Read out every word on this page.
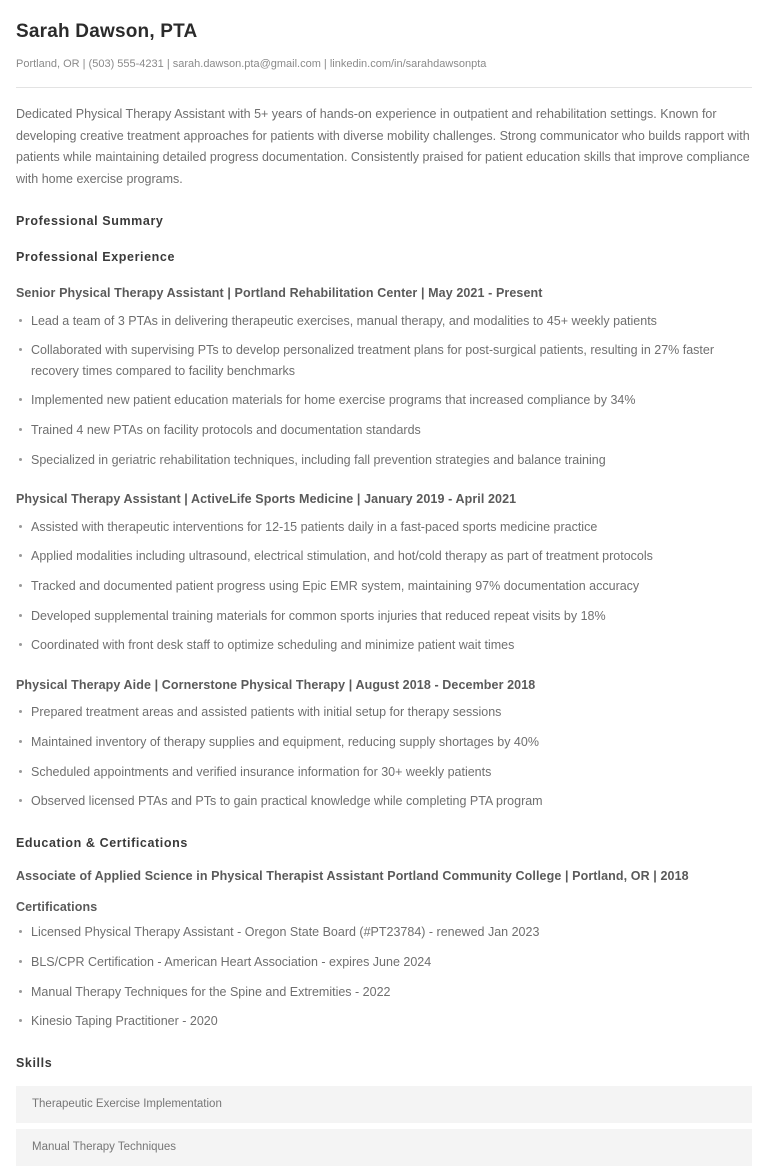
Sarah Dawson, PTA
Portland, OR | (503) 555-4231 | sarah.dawson.pta@gmail.com | linkedin.com/in/sarahdawsonpta

Dedicated Physical Therapy Assistant with 5+ years of hands-on experience in outpatient and rehabilitation settings. Known for developing creative treatment approaches for patients with diverse mobility challenges. Strong communicator who builds rapport with patients while maintaining detailed progress documentation. Consistently praised for patient education skills that improve compliance with home exercise programs.

Professional Summary
Professional Experience
Senior Physical Therapy Assistant | Portland Rehabilitation Center | May 2021 - Present
Lead a team of 3 PTAs in delivering therapeutic exercises, manual therapy, and modalities to 45+ weekly patients
Collaborated with supervising PTs to develop personalized treatment plans for post-surgical patients, resulting in 27% faster recovery times compared to facility benchmarks
Implemented new patient education materials for home exercise programs that increased compliance by 34%
Trained 4 new PTAs on facility protocols and documentation standards
Specialized in geriatric rehabilitation techniques, including fall prevention strategies and balance training
Physical Therapy Assistant | ActiveLife Sports Medicine | January 2019 - April 2021
Assisted with therapeutic interventions for 12-15 patients daily in a fast-paced sports medicine practice
Applied modalities including ultrasound, electrical stimulation, and hot/cold therapy as part of treatment protocols
Tracked and documented patient progress using Epic EMR system, maintaining 97% documentation accuracy
Developed supplemental training materials for common sports injuries that reduced repeat visits by 18%
Coordinated with front desk staff to optimize scheduling and minimize patient wait times
Physical Therapy Aide | Cornerstone Physical Therapy | August 2018 - December 2018
Prepared treatment areas and assisted patients with initial setup for therapy sessions
Maintained inventory of therapy supplies and equipment, reducing supply shortages by 40%
Scheduled appointments and verified insurance information for 30+ weekly patients
Observed licensed PTAs and PTs to gain practical knowledge while completing PTA program
Education & Certifications
Associate of Applied Science in Physical Therapist Assistant Portland Community College | Portland, OR | 2018
Certifications
Licensed Physical Therapy Assistant - Oregon State Board (#PT23784) - renewed Jan 2023
BLS/CPR Certification - American Heart Association - expires June 2024
Manual Therapy Techniques for the Spine and Extremities - 2022
Kinesio Taping Practitioner - 2020
Skills
Therapeutic Exercise Implementation
Manual Therapy Techniques
